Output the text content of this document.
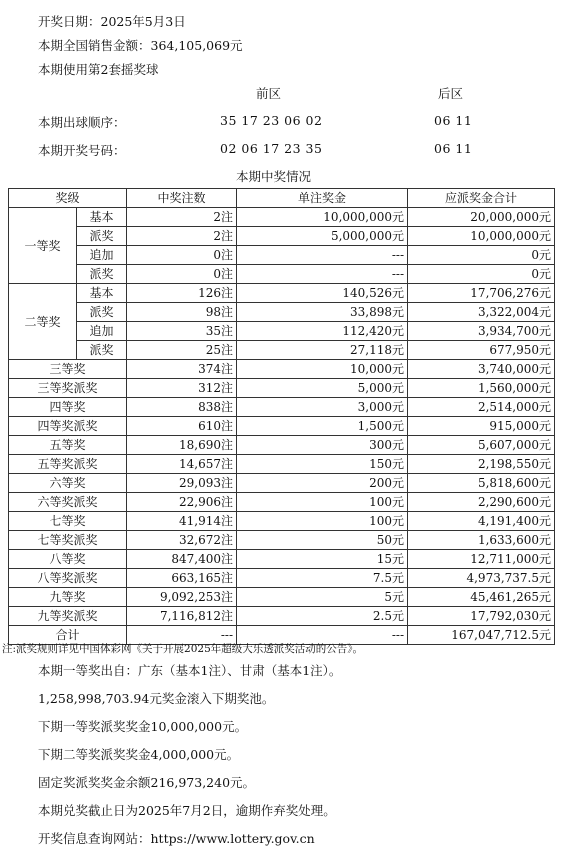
开奖日期：2025年5月3日
本期全国销售金额：364,105,069元
本期使用第2套摇奖球
前区	后区
本期出球顺序：	35 17 23 06 02	06 11
本期开奖号码：	02 06 17 23 35	06 11
本期中奖情况
奖级		中奖注数	单注奖金	应派奖金合计
一等奖	基本	2注	10,000,000元	20,000,000元
	派奖	2注	5,000,000元	10,000,000元
	追加	0注	---	0元
	派奖	0注	---	0元
二等奖	基本	126注	140,526元	17,706,276元
	派奖	98注	33,898元	3,322,004元
	追加	35注	112,420元	3,934,700元
	派奖	25注	27,118元	677,950元
三等奖		374注	10,000元	3,740,000元
三等奖派奖		312注	5,000元	1,560,000元
四等奖		838注	3,000元	2,514,000元
四等奖派奖		610注	1,500元	915,000元
五等奖		18,690注	300元	5,607,000元
五等奖派奖		14,657注	150元	2,198,550元
六等奖		29,093注	200元	5,818,600元
六等奖派奖		22,906注	100元	2,290,600元
七等奖		41,914注	100元	4,191,400元
七等奖派奖		32,672注	50元	1,633,600元
八等奖		847,400注	15元	12,711,000元
八等奖派奖		663,165注	7.5元	4,973,737.5元
九等奖		9,092,253注	5元	45,461,265元
九等奖派奖		7,116,812注	2.5元	17,792,030元
合计		---	---	167,047,712.5元
注:派奖规则详见中国体彩网《关于开展2025年超级大乐透派奖活动的公告》。
本期一等奖出自：广东（基本1注）、甘肃（基本1注）。
1,258,998,703.94元奖金滚入下期奖池。
下期一等奖派奖奖金10,000,000元。
下期二等奖派奖奖金4,000,000元。
固定奖派奖奖金余额216,973,240元。
本期兑奖截止日为2025年7月2日，逾期作弃奖处理。
开奖信息查询网站：https://www.lottery.gov.cn
